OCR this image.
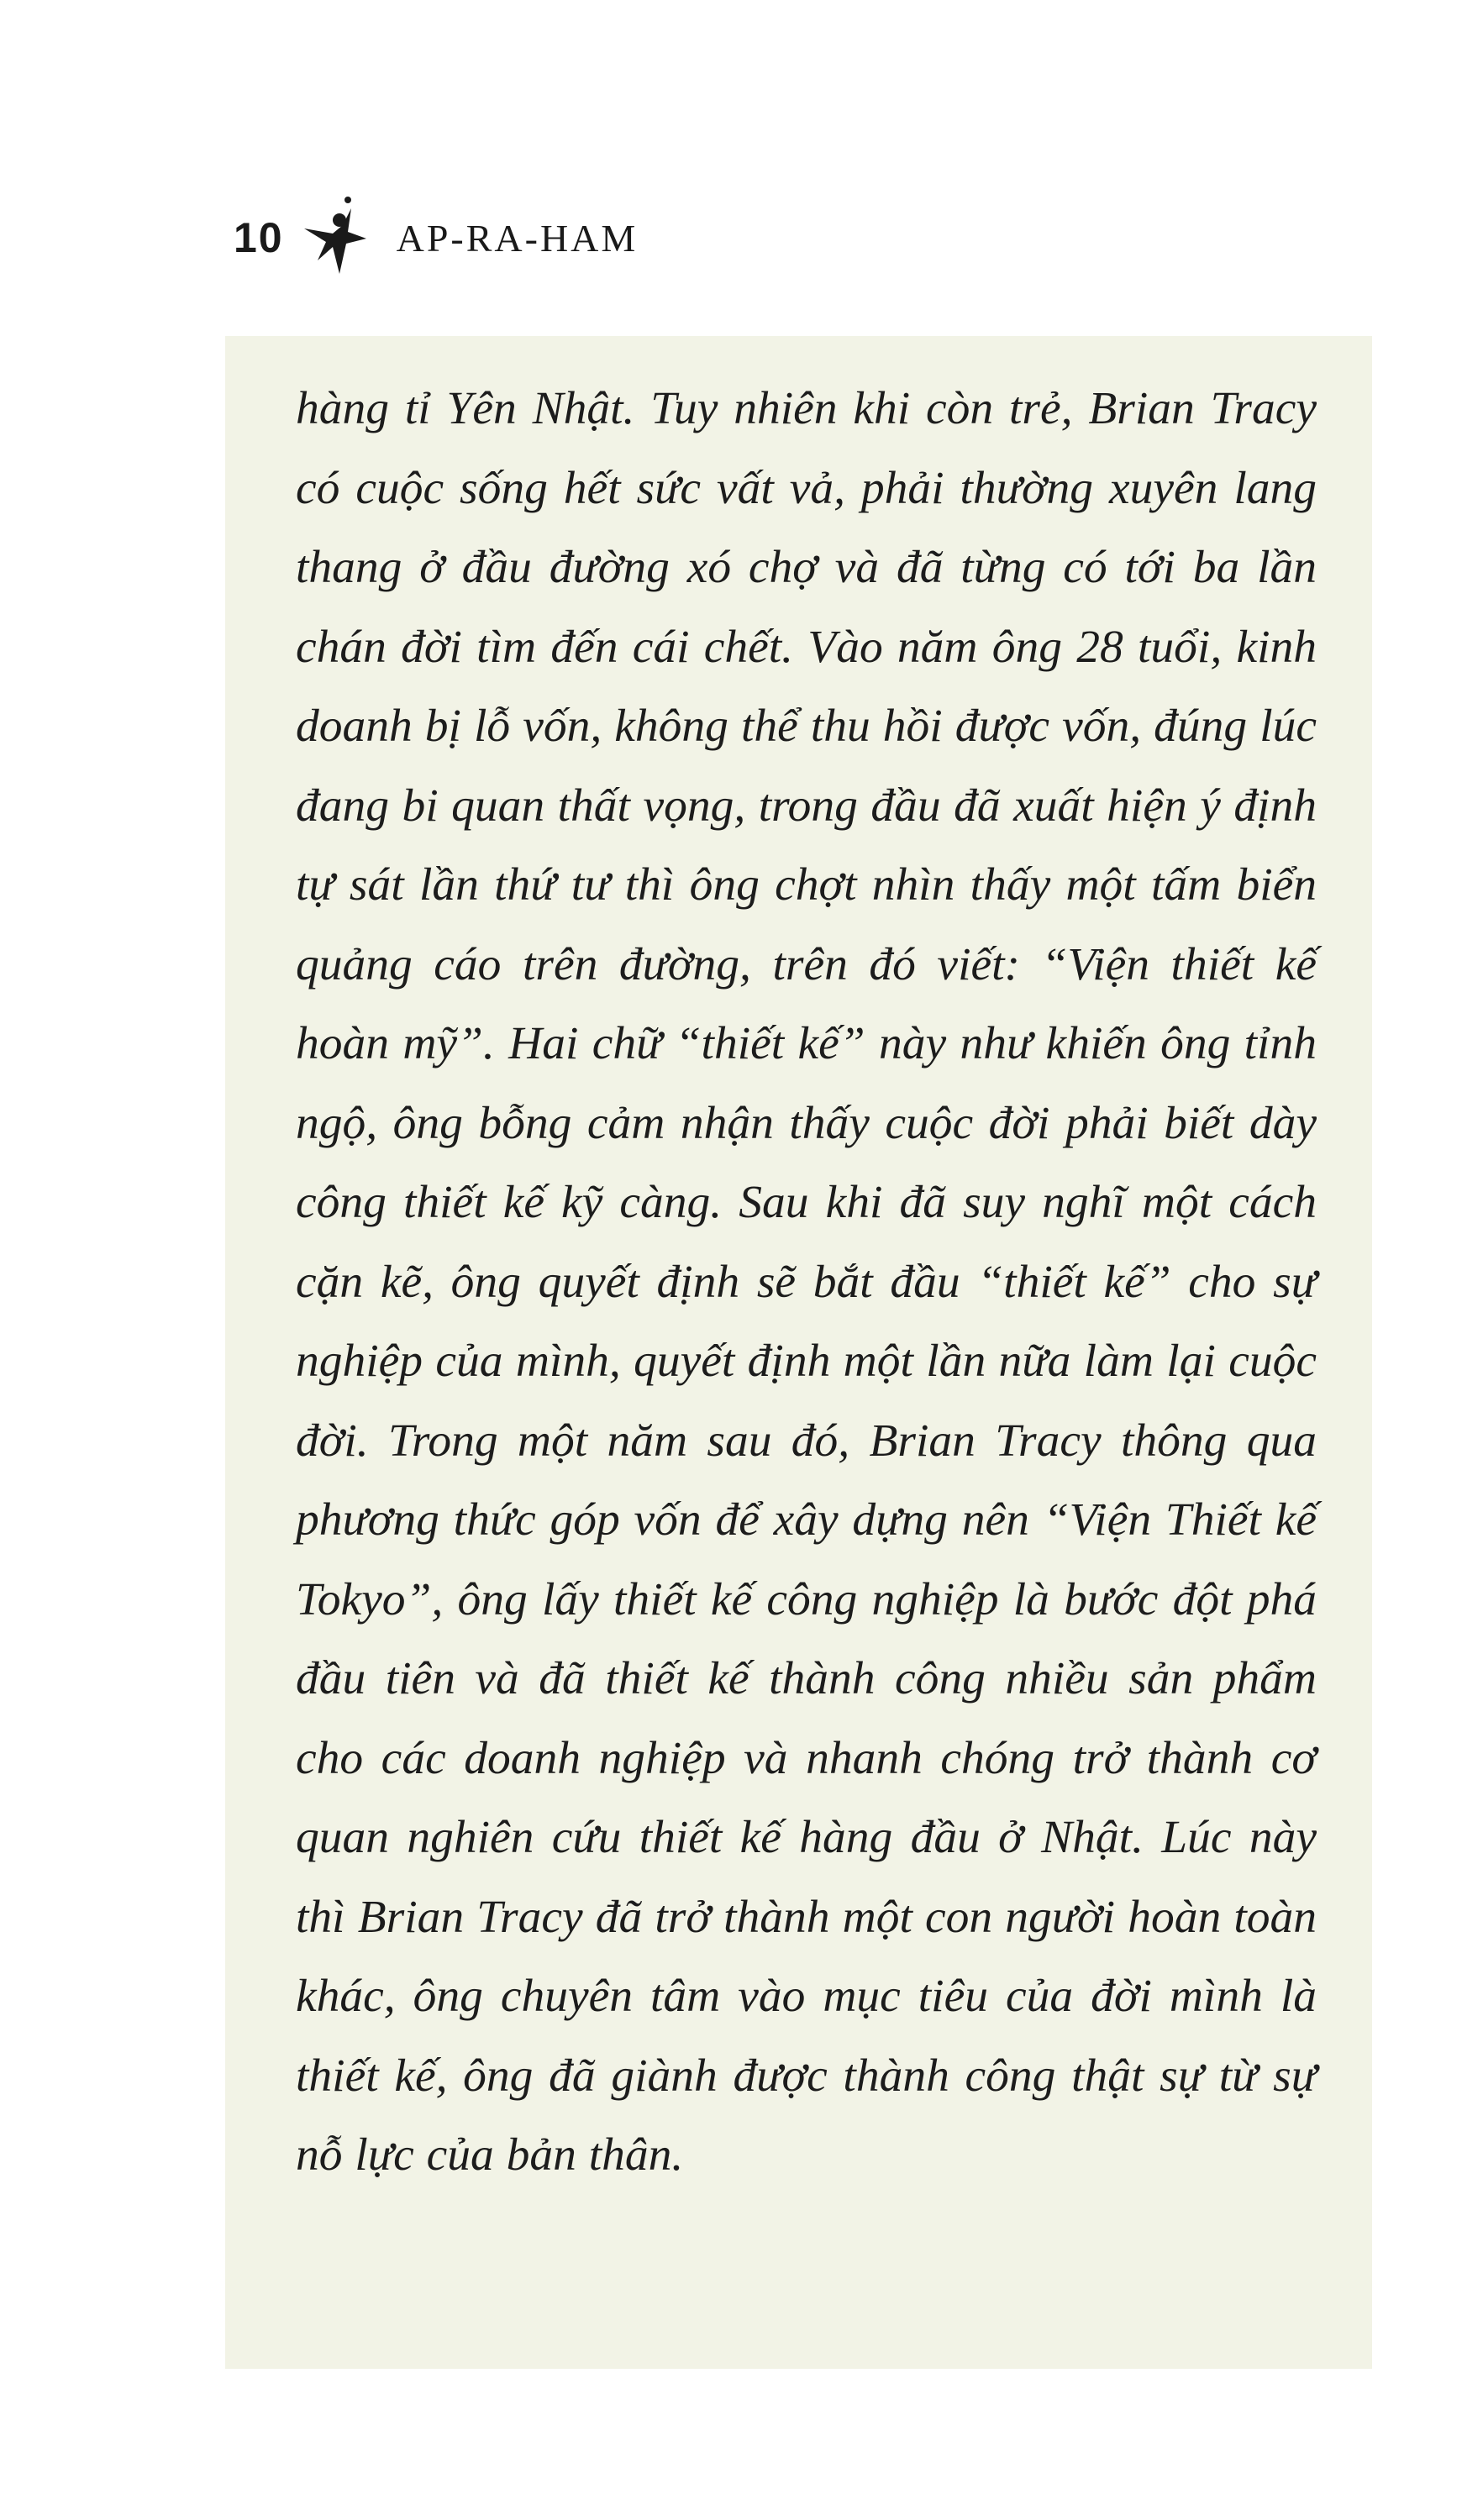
10	AP-RA-HAM

hàng tỉ Yên Nhật. Tuy nhiên khi còn trẻ, Brian Tracy có cuộc sống hết sức vất vả, phải thường xuyên lang thang ở đầu đường xó chợ và đã từng có tới ba lần chán đời tìm đến cái chết. Vào năm ông 28 tuổi, kinh doanh bị lỗ vốn, không thể thu hồi được vốn, đúng lúc đang bi quan thất vọng, trong đầu đã xuất hiện ý định tự sát lần thứ tư thì ông chợt nhìn thấy một tấm biển quảng cáo trên đường, trên đó viết: “Viện thiết kế hoàn mỹ”. Hai chữ “thiết kế” này như khiến ông tỉnh ngộ, ông bỗng cảm nhận thấy cuộc đời phải biết dày công thiết kế kỹ càng. Sau khi đã suy nghĩ một cách cặn kẽ, ông quyết định sẽ bắt đầu “thiết kế” cho sự nghiệp của mình, quyết định một lần nữa làm lại cuộc đời. Trong một năm sau đó, Brian Tracy thông qua phương thức góp vốn để xây dựng nên “Viện Thiết kế Tokyo”, ông lấy thiết kế công nghiệp là bước đột phá đầu tiên và đã thiết kế thành công nhiều sản phẩm cho các doanh nghiệp và nhanh chóng trở thành cơ quan nghiên cứu thiết kế hàng đầu ở Nhật. Lúc này thì Brian Tracy đã trở thành một con người hoàn toàn khác, ông chuyên tâm vào mục tiêu của đời mình là thiết kế, ông đã giành được thành công thật sự từ sự nỗ lực của bản thân.
